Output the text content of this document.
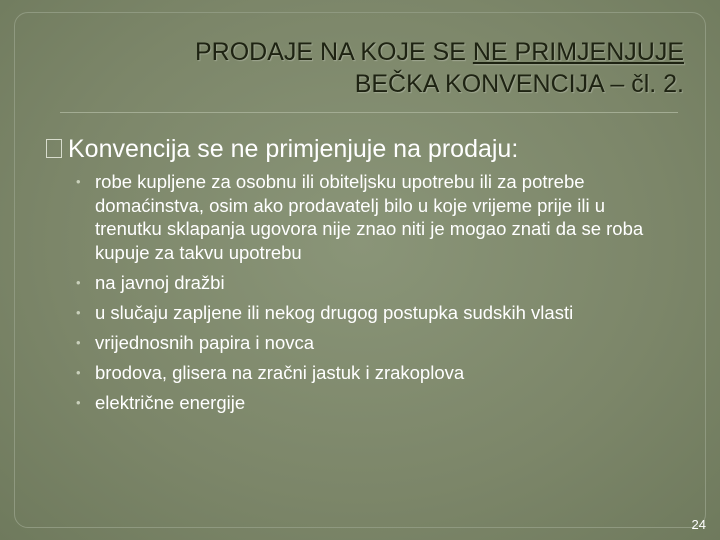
PRODAJE NA KOJE SE NE PRIMJENJUJE
BEČKA KONVENCIJA – čl. 2.
Konvencija se ne primjenjuje na prodaju:
• robe kupljene za osobnu ili obiteljsku upotrebu ili za potrebe domaćinstva, osim ako prodavatelj bilo u koje vrijeme prije ili u trenutku sklapanja ugovora nije znao niti je mogao znati da se roba kupuje za takvu upotrebu
• na javnoj dražbi
• u slučaju zapljene ili nekog drugog postupka sudskih vlasti
• vrijednosnih papira i novca
• brodova, glisera na zračni jastuk i zrakoplova
• električne energije
24
